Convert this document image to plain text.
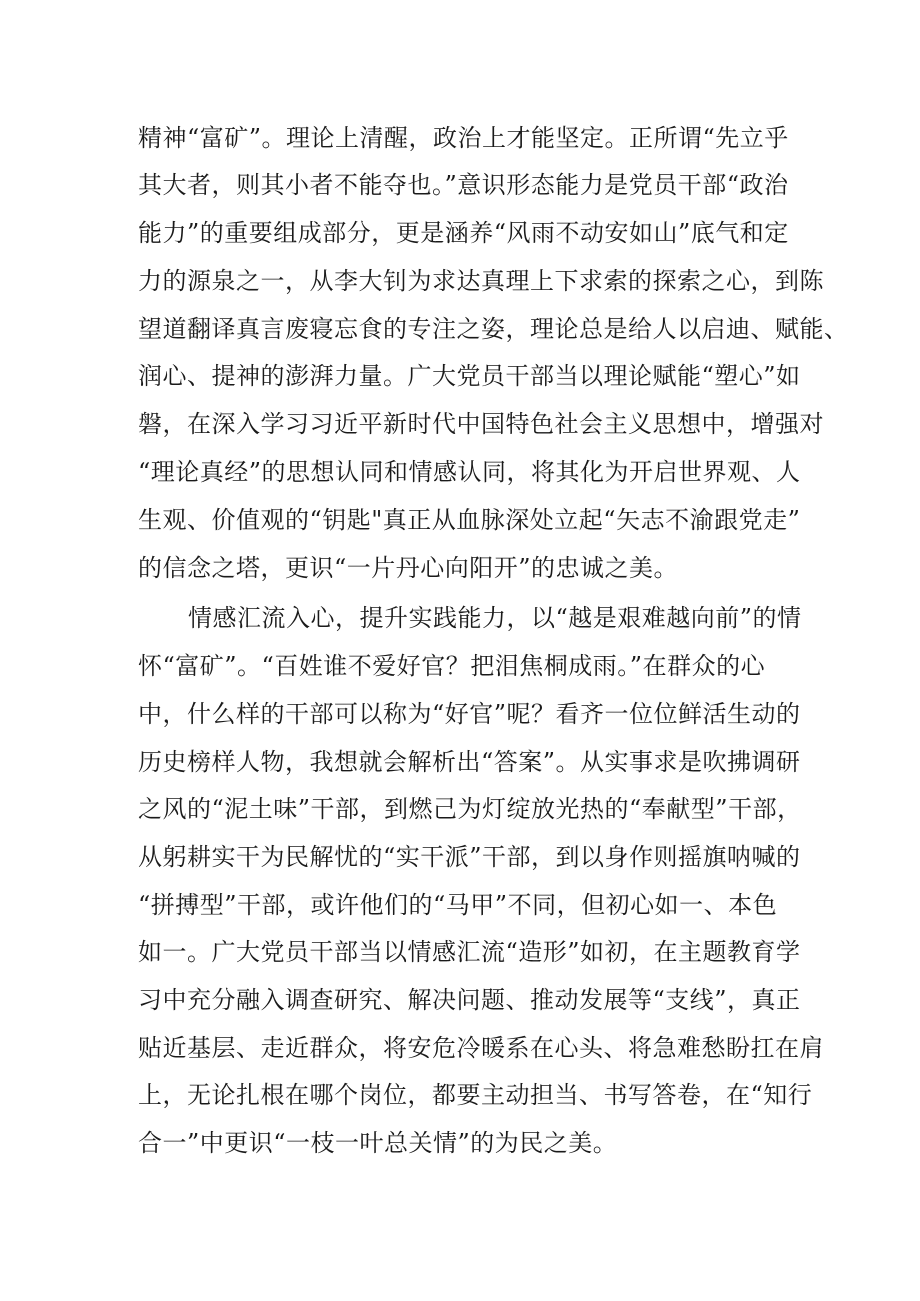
精神“富矿”。理论上清醒，政治上才能坚定。正所谓“先立乎
其大者，则其小者不能夺也。”意识形态能力是党员干部“政治
能力”的重要组成部分，更是涵养“风雨不动安如山”底气和定
力的源泉之一，从李大钊为求达真理上下求索的探索之心，到陈
望道翻译真言废寝忘食的专注之姿，理论总是给人以启迪、赋能、
润心、提神的澎湃力量。广大党员干部当以理论赋能“塑心”如
磐，在深入学习习近平新时代中国特色社会主义思想中，增强对
“理论真经”的思想认同和情感认同，将其化为开启世界观、人
生观、价值观的“钥匙"真正从血脉深处立起“矢志不渝跟党走”
的信念之塔，更识“一片丹心向阳开”的忠诚之美。
情感汇流入心，提升实践能力，以“越是艰难越向前”的情
怀“富矿”。“百姓谁不爱好官？把泪焦桐成雨。”在群众的心
中，什么样的干部可以称为“好官”呢？看齐一位位鲜活生动的
历史榜样人物，我想就会解析出“答案”。从实事求是吹拂调研
之风的“泥土味”干部，到燃己为灯绽放光热的“奉献型”干部，
从躬耕实干为民解忧的“实干派”干部，到以身作则摇旗呐喊的
“拼搏型”干部，或许他们的“马甲”不同，但初心如一、本色
如一。广大党员干部当以情感汇流“造形”如初，在主题教育学
习中充分融入调查研究、解决问题、推动发展等“支线”，真正
贴近基层、走近群众，将安危冷暖系在心头、将急难愁盼扛在肩
上，无论扎根在哪个岗位，都要主动担当、书写答卷，在“知行
合一”中更识“一枝一叶总关情”的为民之美。
